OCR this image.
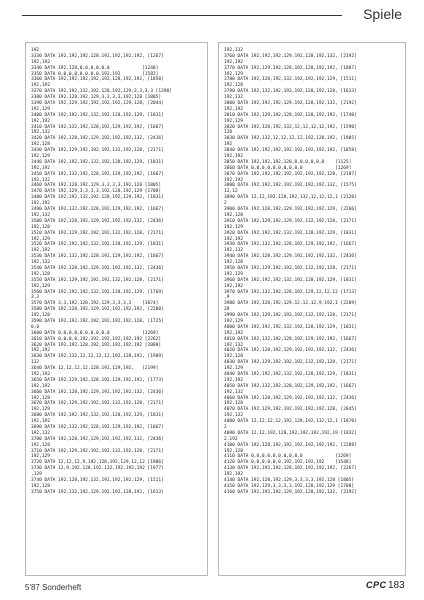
Spiele
192
3330 DATA 192,192,192,128,192,192,192,192, [1267]
192,192
3340 DATA 192,128,0,0,0,0,0,0            [1248]
3350 DATA 0,0,0,0,0,0,0,0,192,192        [1582]
3360 DATA 192,192,192,192,192,128,192,192, [1858]
192,192
3370 DATA 192,192,132,192,128,192,129,3,3,3,3 [1390]
3380 DATA 192,128,192,129,3,3,3,3,192,128 [1805]
3390 DATA 192,129,192,192,192,192,129,128, [2044]
192,129
3400 DATA 192,192,192,132,192,128,192,129, [1831]
192,192
3410 DATA 192,132,192,128,192,129,192,192, [1667]
192,132
3420 DATA 192,128,192,129,192,192,192,132, [2436]
192,128
3430 DATA 192,129,192,192,192,132,192,128, [2171]
192,129
3440 DATA 192,192,192,132,192,128,192,129, [1831]
192,192
3450 DATA 192,132,192,128,192,129,192,192, [1667]
192,132
3460 DATA 192,128,192,129,3,3,3,3,192,128 [1805]
3470 DATA 192,129,3,3,3,3,192,128,192,129 [1708]
3480 DATA 192,192,132,192,128,192,129,192, [1831]
192,192
3490 DATA 192,132,192,128,192,129,192,192, [1667]
192,132
3500 DATA 192,128,192,129,192,192,192,132, [2436]
192,128
3510 DATA 192,129,192,192,192,132,192,128, [2171]
192,129
3520 DATA 192,192,192,132,192,128,192,129, [1831]
192,192
3530 DATA 192,132,192,128,192,129,192,192, [1667]
192,132
3540 DATA 192,128,192,129,192,192,192,132, [2436]
192,128
3550 DATA 192,129,192,192,192,132,192,128, [2171]
192,129
3560 DATA 192,192,192,132,192,128,192,129, [1769]
3,3
3570 DATA 3,3,192,128,192,129,3,3,3,3    [1074]
3580 DATA 192,128,192,129,192,192,192,192, [2288]
192,128
3590 DATA 192,192,192,192,192,192,192,128, [1725]
0,0
3600 DATA 0,0,0,0,0,0,0,0,0,0            [1269]
3610 DATA 0,0,0,0,192,192,192,192,192,192 [2262]
3620 DATA 192,192,128,192,192,192,192,192 [2088]
192,192
3630 DATA 192,132,12,12,12,12,192,128,192, [1909]
132
3640 DATA 12,12,12,12,128,192,129,192,   [2199]
192,192
3650 DATA 192,129,192,128,192,129,192,192, [1773]
192,192
3660 DATA 192,128,192,129,192,192,192,132, [2436]
192,128
3670 DATA 192,129,192,192,192,132,192,128, [2171]
192,129
3680 DATA 192,192,192,132,192,128,192,129, [1831]
192,192
3690 DATA 192,132,192,128,192,129,192,192, [1667]
192,132
3700 DATA 192,128,192,129,192,192,192,132, [2436]
192,128
3710 DATA 192,129,192,192,192,132,192,128, [2171]
192,129
3720 DATA 12,12,12,9,192,128,192,129,12,12 [1906]
3730 DATA 12,9,192,128,192,132,192,192,192 [1977]
,129
3740 DATA 192,128,192,132,192,192,192,129, [1511]
192,128
3750 DATA 192,132,192,129,192,192,128,192, [1613]
192,132
3760 DATA 192,192,192,129,192,128,192,132, [2192]
192,192
3770 DATA 192,129,192,128,192,128,192,192, [1887]
192,129
3780 DATA 192,128,192,132,192,192,192,129, [1511]
192,128
3790 DATA 192,132,192,192,192,128,192,128, [1613]
192,132
3800 DATA 192,192,192,129,192,128,192,132, [2192]
192,192
3810 DATA 192,129,192,128,192,128,192,192, [1740]
192,129
3820 DATA 192,128,192,132,12,12,12,12,192, [1590]
128
3830 DATA 192,132,12,12,12,12,192,128,192, [1905]
192
3840 DATA 192,192,192,192,192,192,192,192, [1858]
192,192
3850 DATA 192,192,192,128,0,0,0,0,0,0    [1125]
3860 DATA 0,0,0,0,0,0,0,0,0,0            [1269]
3870 DATA 192,192,192,192,192,192,192,128, [2187]
192,192
3880 DATA 192,192,192,192,192,192,192,132, [1575]
12,12
3890 DATA 12,12,192,128,192,132,12,12,12,1 [2120]
2
3900 DATA 192,128,192,129,192,192,192,129, [2266]
192,128
3910 DATA 192,129,192,129,192,132,192,128, [2171]
192,129
3920 DATA 192,192,192,132,192,128,192,129, [1831]
192,192
3930 DATA 192,132,192,128,192,129,192,192, [1667]
192,132
3940 DATA 192,128,192,129,192,192,192,132, [2436]
192,128
3950 DATA 192,129,192,192,192,132,192,128, [2171]
192,129
3960 DATA 192,192,192,132,192,128,192,129, [1831]
192,192
3970 DATA 192,132,192,128,192,129,12,12,12 [1713]
,9
3980 DATA 192,128,192,129,12,12,12,9,192,1 [2209]
28
3990 DATA 192,129,192,192,192,132,192,128, [2171]
192,129
4000 DATA 192,192,192,132,192,128,192,129, [1831]
192,192
4010 DATA 192,132,192,128,192,129,192,192, [1667]
192,132
4020 DATA 192,128,192,129,192,192,192,132, [2436]
192,128
4030 DATA 192,129,192,192,192,132,192,128, [2171]
192,129
4040 DATA 192,192,192,132,192,128,192,129, [1831]
192,192
4050 DATA 192,132,192,128,192,129,192,192, [1667]
192,132
4060 DATA 192,128,192,129,192,192,192,132, [2436]
192,128
4070 DATA 192,129,192,192,192,192,192,128, [2045]
192,132
4080 DATA 12,12,12,12,192,128,192,132,12,1 [1870]
2
4090 DATA 12,12,192,128,192,192,192,192,19 [1832]
2,192
4100 DATA 192,128,192,192,192,192,192,192, [2288]
192,128
4110 DATA 0,0,0,0,0,0,0,0,0,0            [1269]
4120 DATA 0,0,0,0,0,0,192,192,192,192    [1548]
4130 DATA 192,192,192,128,192,192,192,192, [2267]
192,192
4140 DATA 192,128,192,129,3,3,3,3,192,128 [1805]
4150 DATA 192,129,3,3,3,3,192,128,192,129 [1708]
4160 DATA 192,192,192,129,192,128,192,132, [2192]
5'87 Sonderheft	CPC 183
